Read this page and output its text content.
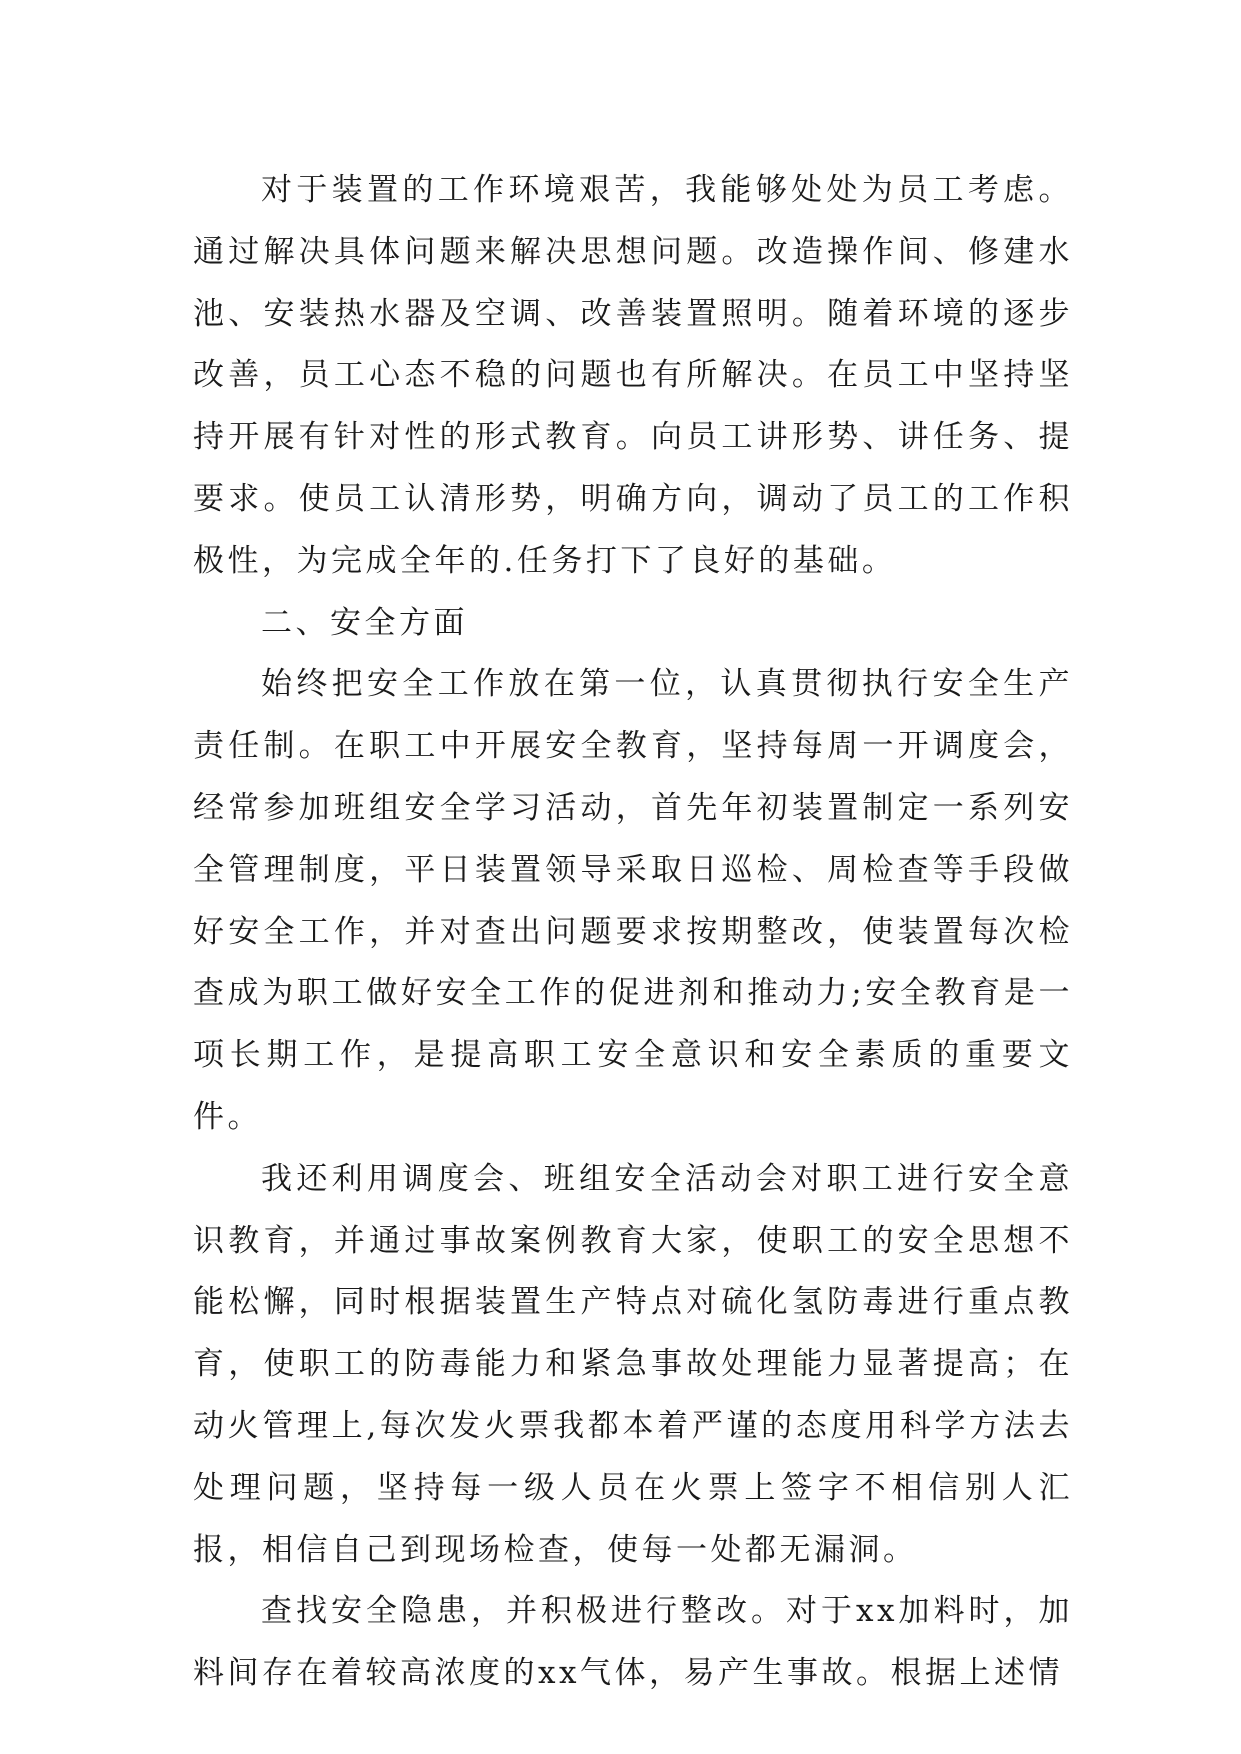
对于装置的工作环境艰苦，我能够处处为员工考虑。通过解决具体问题来解决思想问题。改造操作间、修建水池、安装热水器及空调、改善装置照明。随着环境的逐步改善，员工心态不稳的问题也有所解决。在员工中坚持坚持开展有针对性的形式教育。向员工讲形势、讲任务、提要求。使员工认清形势，明确方向，调动了员工的工作积极性，为完成全年的.任务打下了良好的基础。

二、安全方面

始终把安全工作放在第一位，认真贯彻执行安全生产责任制。在职工中开展安全教育，坚持每周一开调度会，经常参加班组安全学习活动，首先年初装置制定一系列安全管理制度，平日装置领导采取日巡检、周检查等手段做好安全工作，并对查出问题要求按期整改，使装置每次检查成为职工做好安全工作的促进剂和推动力;安全教育是一项长期工作，是提高职工安全意识和安全素质的重要文件。

我还利用调度会、班组安全活动会对职工进行安全意识教育，并通过事故案例教育大家，使职工的安全思想不能松懈，同时根据装置生产特点对硫化氢防毒进行重点教育，使职工的防毒能力和紧急事故处理能力显著提高；在动火管理上,每次发火票我都本着严谨的态度用科学方法去处理问题，坚持每一级人员在火票上签字不相信别人汇报，相信自己到现场检查，使每一处都无漏洞。

查找安全隐患，并积极进行整改。对于xx加料时，加料间存在着较高浓度的xx气体，易产生事故。根据上述情
